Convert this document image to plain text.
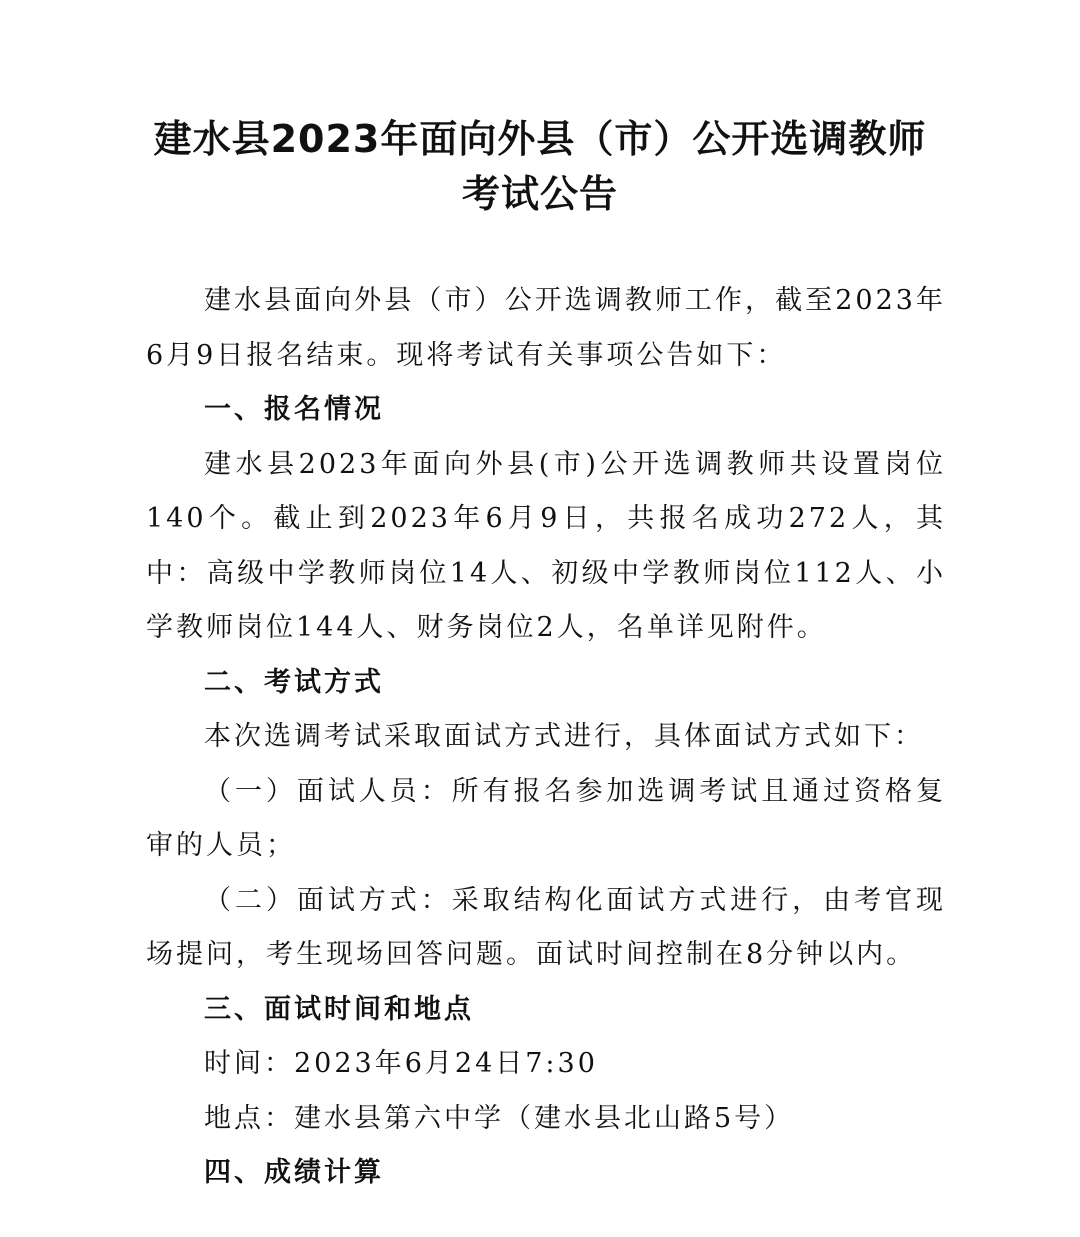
建水县2023年面向外县（市）公开选调教师
考试公告

建水县面向外县（市）公开选调教师工作，截至2023年6月9日报名结束。现将考试有关事项公告如下：

一、报名情况

建水县2023年面向外县(市)公开选调教师共设置岗位140个。截止到2023年6月9日，共报名成功272人，其中：高级中学教师岗位14人、初级中学教师岗位112人、小学教师岗位144人、财务岗位2人，名单详见附件。

二、考试方式

本次选调考试采取面试方式进行，具体面试方式如下：

（一）面试人员：所有报名参加选调考试且通过资格复审的人员；

（二）面试方式：采取结构化面试方式进行，由考官现场提问，考生现场回答问题。面试时间控制在8分钟以内。

三、面试时间和地点

时间：2023年6月24日7:30

地点：建水县第六中学（建水县北山路5号）

四、成绩计算
